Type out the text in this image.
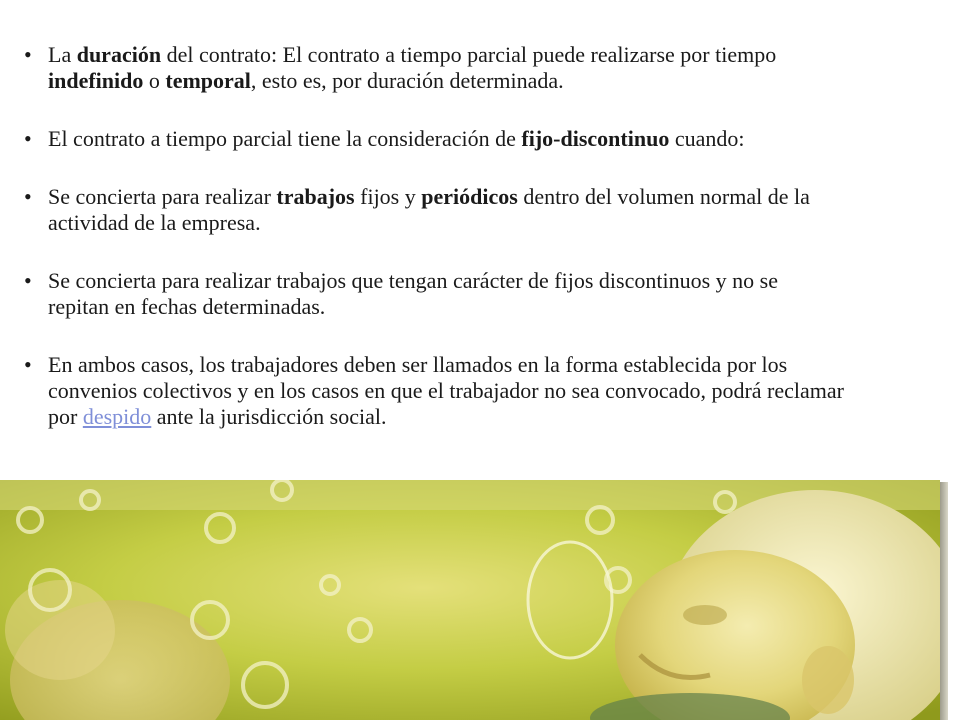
• La duración del contrato: El contrato a tiempo parcial puede realizarse por tiempo indefinido o temporal, esto es, por duración determinada.
• El contrato a tiempo parcial tiene la consideración de fijo-discontinuo cuando:
• Se concierta para realizar trabajos fijos y periódicos dentro del volumen normal de la actividad de la empresa.
• Se concierta para realizar trabajos que tengan carácter de fijos discontinuos y no se repitan en fechas determinadas.
• En ambos casos, los trabajadores deben ser llamados en la forma establecida por los convenios colectivos y en los casos en que el trabajador no sea convocado, podrá reclamar por despido ante la jurisdicción social.
